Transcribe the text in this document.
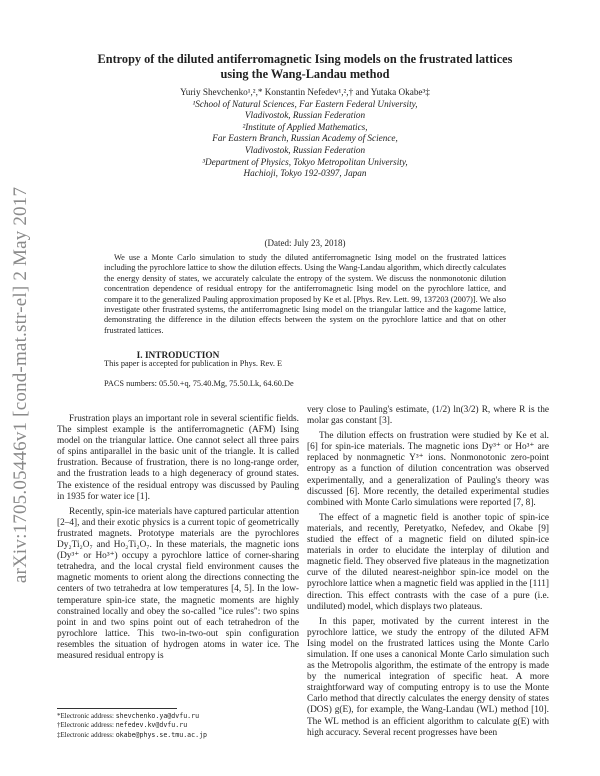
arXiv:1705.05446v1 [cond-mat.str-el] 2 May 2017
Entropy of the diluted antiferromagnetic Ising models on the frustrated lattices
using the Wang-Landau method
Yuriy Shevchenko¹,²,* Konstantin Nefedev¹,²,† and Yutaka Okabe³‡
¹School of Natural Sciences, Far Eastern Federal University,
Vladivostok, Russian Federation
²Institute of Applied Mathematics,
Far Eastern Branch, Russian Academy of Science,
Vladivostok, Russian Federation
³Department of Physics, Tokyo Metropolitan University,
Hachioji, Tokyo 192-0397, Japan
(Dated: July 23, 2018)

We use a Monte Carlo simulation to study the diluted antiferromagnetic Ising model on the frustrated lattices including the pyrochlore lattice to show the dilution effects. Using the Wang-Landau algorithm, which directly calculates the energy density of states, we accurately calculate the entropy of the system. We discuss the nonmonotonic dilution concentration dependence of residual entropy for the antiferromagnetic Ising model on the pyrochlore lattice, and compare it to the generalized Pauling approximation proposed by Ke et al. [Phys. Rev. Lett. 99, 137203 (2007)]. We also investigate other frustrated systems, the antiferromagnetic Ising model on the triangular lattice and the kagome lattice, demonstrating the difference in the dilution effects between the system on the pyrochlore lattice and that on other frustrated lattices.

This paper is accepted for publication in Phys. Rev. E
PACS numbers: 05.50.+q, 75.40.Mg, 75.50.Lk, 64.60.De
I. INTRODUCTION

Frustration plays an important role in several scientific fields. The simplest example is the antiferromagnetic (AFM) Ising model on the triangular lattice. One cannot select all three pairs of spins antiparallel in the basic unit of the triangle. It is called frustration. Because of frustration, there is no long-range order, and the frustration leads to a high degeneracy of ground states. The existence of the residual entropy was discussed by Pauling in 1935 for water ice [1].

Recently, spin-ice materials have captured particular attention [2–4], and their exotic physics is a current topic of geometrically frustrated magnets. Prototype materials are the pyrochlores Dy₂Ti₂O₇ and Ho₂Ti₂O₇. In these materials, the magnetic ions (Dy³⁺ or Ho³⁺) occupy a pyrochlore lattice of corner-sharing tetrahedra, and the local crystal field environment causes the magnetic moments to orient along the directions connecting the centers of two tetrahedra at low temperatures [4, 5]. In the low-temperature spin-ice state, the magnetic moments are highly constrained locally and obey the so-called "ice rules": two spins point in and two spins point out of each tetrahedron of the pyrochlore lattice. This two-in-two-out spin configuration resembles the situation of hydrogen atoms in water ice. The measured residual entropy is

very close to Pauling's estimate, (1/2) ln(3/2) R, where R is the molar gas constant [3].

The dilution effects on frustration were studied by Ke et al. [6] for spin-ice materials. The magnetic ions Dy³⁺ or Ho³⁺ are replaced by nonmagnetic Y³⁺ ions. Nonmonotonic zero-point entropy as a function of dilution concentration was observed experimentally, and a generalization of Pauling's theory was discussed [6]. More recently, the detailed experimental studies combined with Monte Carlo simulations were reported [7, 8].

The effect of a magnetic field is another topic of spin-ice materials, and recently, Peretyatko, Nefedev, and Okabe [9] studied the effect of a magnetic field on diluted spin-ice materials in order to elucidate the interplay of dilution and magnetic field. They observed five plateaus in the magnetization curve of the diluted nearest-neighbor spin-ice model on the pyrochlore lattice when a magnetic field was applied in the [111] direction. This effect contrasts with the case of a pure (i.e. undiluted) model, which displays two plateaus.

In this paper, motivated by the current interest in the pyrochlore lattice, we study the entropy of the diluted AFM Ising model on the frustrated lattices using the Monte Carlo simulation. If one uses a canonical Monte Carlo simulation such as the Metropolis algorithm, the estimate of the entropy is made by the numerical integration of specific heat. A more straightforward way of computing entropy is to use the Monte Carlo method that directly calculates the energy density of states (DOS) g(E), for example, the Wang-Landau (WL) method [10]. The WL method is an efficient algorithm to calculate g(E) with high accuracy. Several recent progresses have been

*Electronic address: shevchenko.ya@dvfu.ru
†Electronic address: nefedev.kv@dvfu.ru
‡Electronic address: okabe@phys.se.tmu.ac.jp
